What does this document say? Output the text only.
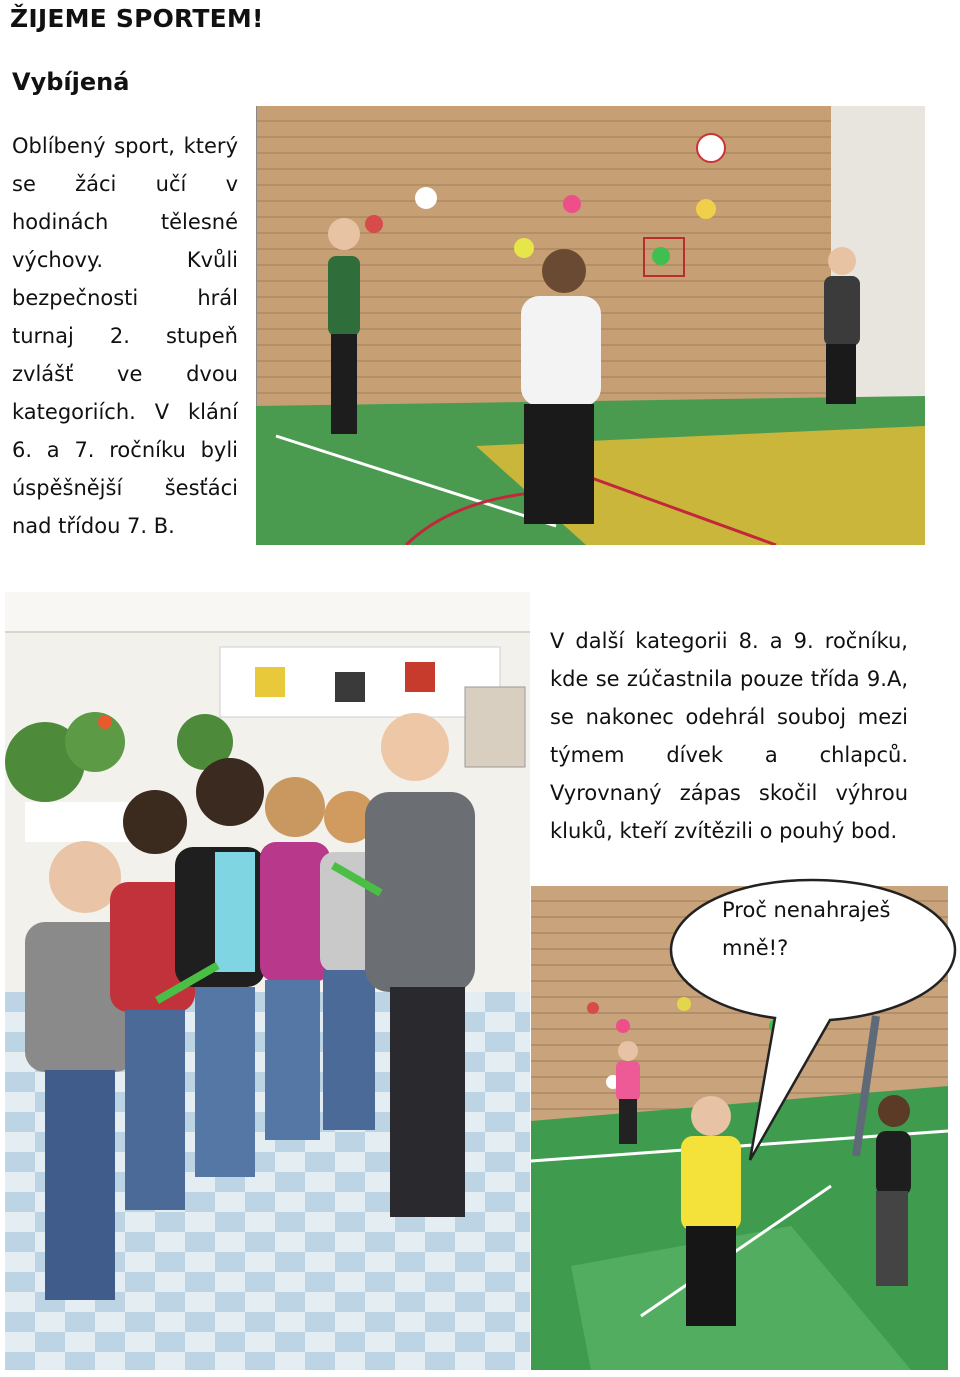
ŽIJEME SPORTEM!
Vybíjená
Oblíbený sport, který se žáci učí v hodinách tělesné výchovy. Kvůli bezpečnosti hrál turnaj 2. stupeň zvlášť ve dvou kategoriích. V klání 6. a 7. ročníku byli úspěšnější šesťáci nad třídou 7. B.
V další kategorii 8. a 9. ročníku, kde se zúčastnila pouze třída 9.A, se nakonec odehrál souboj mezi týmem dívek a chlapců. Vyrovnaný zápas skočil výhrou kluků, kteří zvítězili o pouhý bod.
Proč nenahraješ mně!?
